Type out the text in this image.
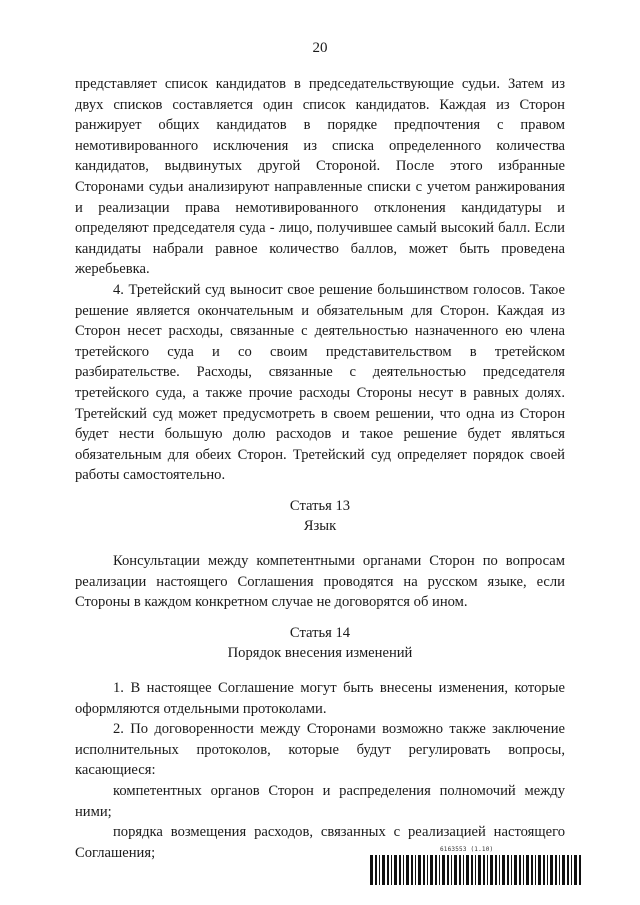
20

представляет список кандидатов в председательствующие судьи. Затем из двух списков составляется один список кандидатов. Каждая из Сторон ранжирует общих кандидатов в порядке предпочтения с правом немотивированного исключения из списка определенного количества кандидатов, выдвинутых другой Стороной. После этого избранные Сторонами судьи анализируют направленные списки с учетом ранжирования и реализации права немотивированного отклонения кандидатуры и определяют председателя суда - лицо, получившее самый высокий балл. Если кандидаты набрали равное количество баллов, может быть проведена жеребьевка.

4. Третейский суд выносит свое решение большинством голосов. Такое решение является окончательным и обязательным для Сторон. Каждая из Сторон несет расходы, связанные с деятельностью назначенного ею члена третейского суда и со своим представительством в третейском разбирательстве. Расходы, связанные с деятельностью председателя третейского суда, а также прочие расходы Стороны несут в равных долях. Третейский суд может предусмотреть в своем решении, что одна из Сторон будет нести большую долю расходов и такое решение будет являться обязательным для обеих Сторон. Третейский суд определяет порядок своей работы самостоятельно.

Статья 13

Язык

Консультации между компетентными органами Сторон по вопросам реализации настоящего Соглашения проводятся на русском языке, если Стороны в каждом конкретном случае не договорятся об ином.

Статья 14

Порядок внесения изменений

1. В настоящее Соглашение могут быть внесены изменения, которые оформляются отдельными протоколами.

2. По договоренности между Сторонами возможно также заключение исполнительных протоколов, которые будут регулировать вопросы, касающиеся:

компетентных органов Сторон и распределения полномочий между ними;

порядка возмещения расходов, связанных с реализацией настоящего Соглашения;	6163553 (1.10)
